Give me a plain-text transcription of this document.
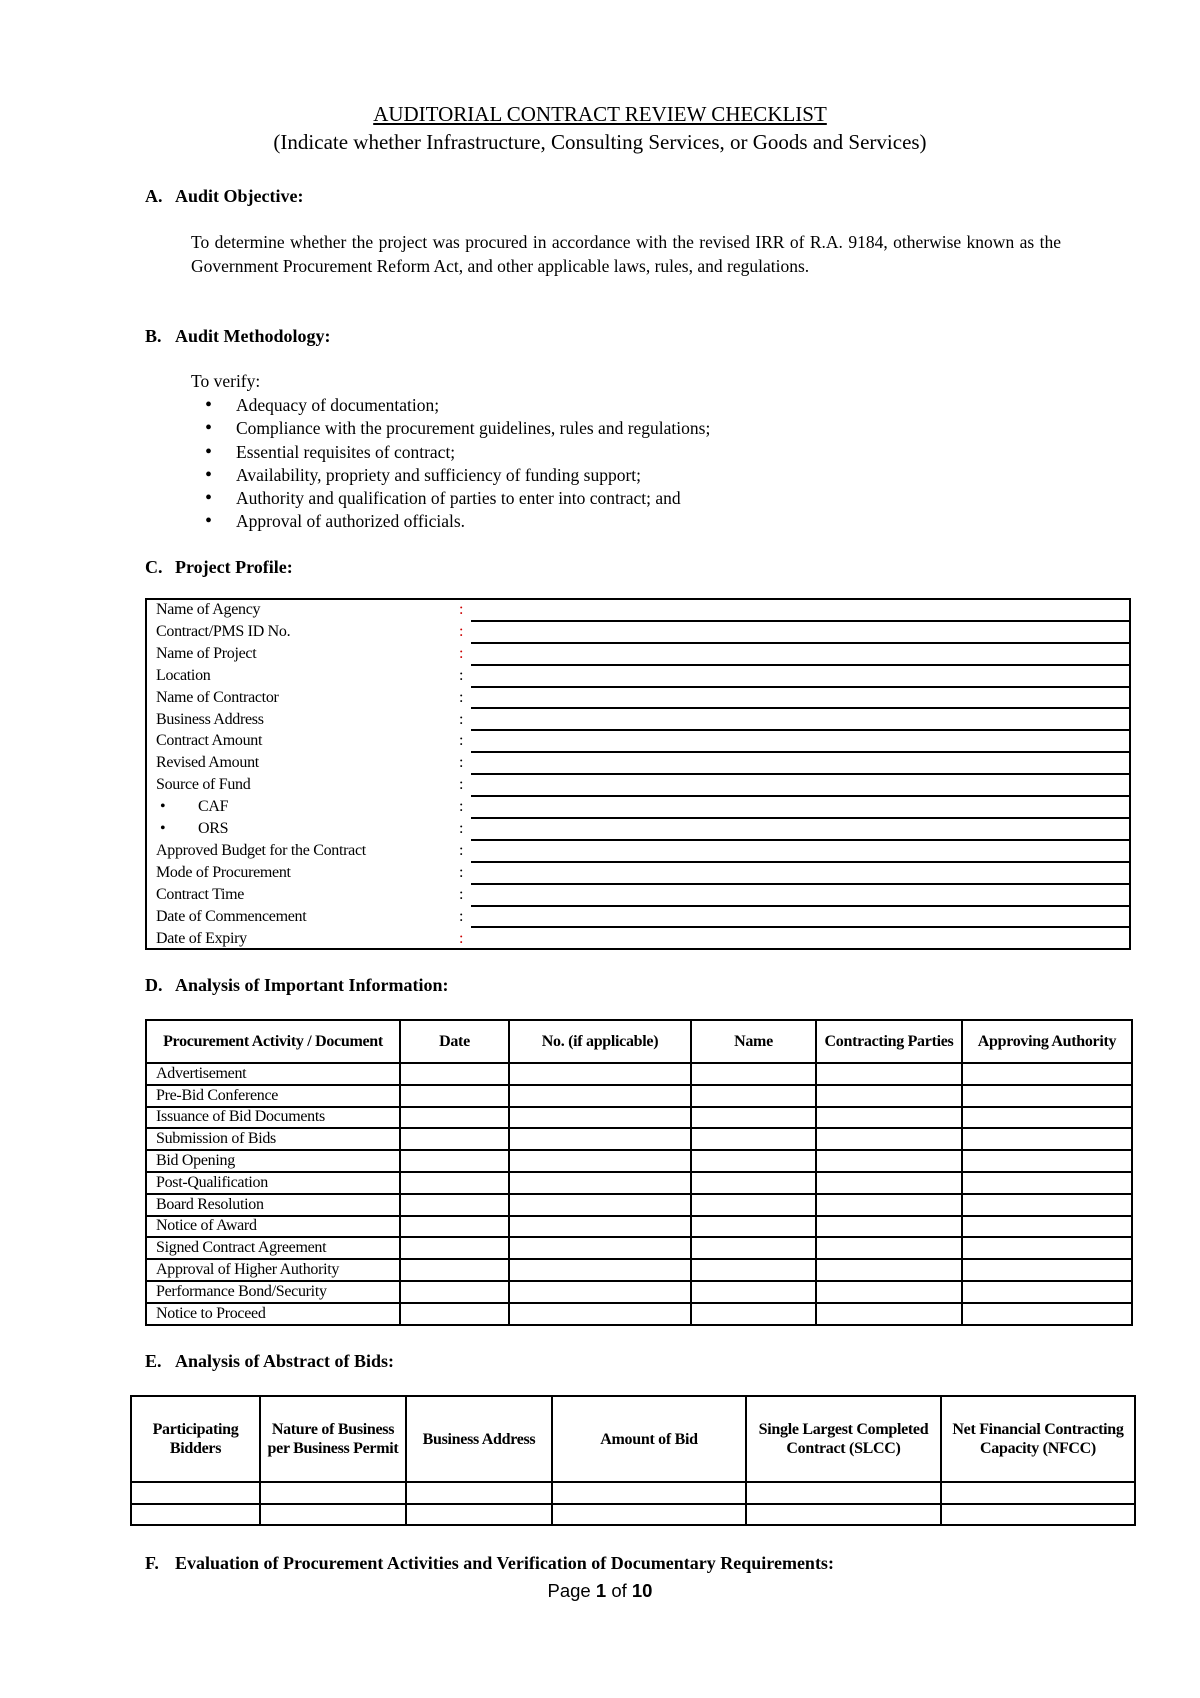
AUDITORIAL CONTRACT REVIEW CHECKLIST
(Indicate whether Infrastructure, Consulting Services, or Goods and Services)
A. Audit Objective:
To determine whether the project was procured in accordance with the revised IRR of R.A. 9184, otherwise known as the Government Procurement Reform Act, and other applicable laws, rules, and regulations.
B. Audit Methodology:
To verify:
• Adequacy of documentation;
• Compliance with the procurement guidelines, rules and regulations;
• Essential requisites of contract;
• Availability, propriety and sufficiency of funding support;
• Authority and qualification of parties to enter into contract; and
• Approval of authorized officials.
C. Project Profile:
Name of Agency	:
Contract/PMS ID No.	:
Name of Project	:
Location	:
Name of Contractor	:
Business Address	:
Contract Amount	:
Revised Amount	:
Source of Fund	:
• CAF	:
• ORS	:
Approved Budget for the Contract	:
Mode of Procurement	:
Contract Time	:
Date of Commencement	:
Date of Expiry	:
D. Analysis of Important Information:
Procurement Activity / Document	Date	No. (if applicable)	Name	Contracting Parties	Approving Authority
Advertisement					
Pre-Bid Conference					
Issuance of Bid Documents					
Submission of Bids					
Bid Opening					
Post-Qualification					
Board Resolution					
Notice of Award					
Signed Contract Agreement					
Approval of Higher Authority					
Performance Bond/Security					
Notice to Proceed					
E. Analysis of Abstract of Bids:
Participating Bidders	Nature of Business per Business Permit	Business Address	Amount of Bid	Single Largest Completed Contract (SLCC)	Net Financial Contracting Capacity (NFCC)

F. Evaluation of Procurement Activities and Verification of Documentary Requirements:
Page 1 of 10
